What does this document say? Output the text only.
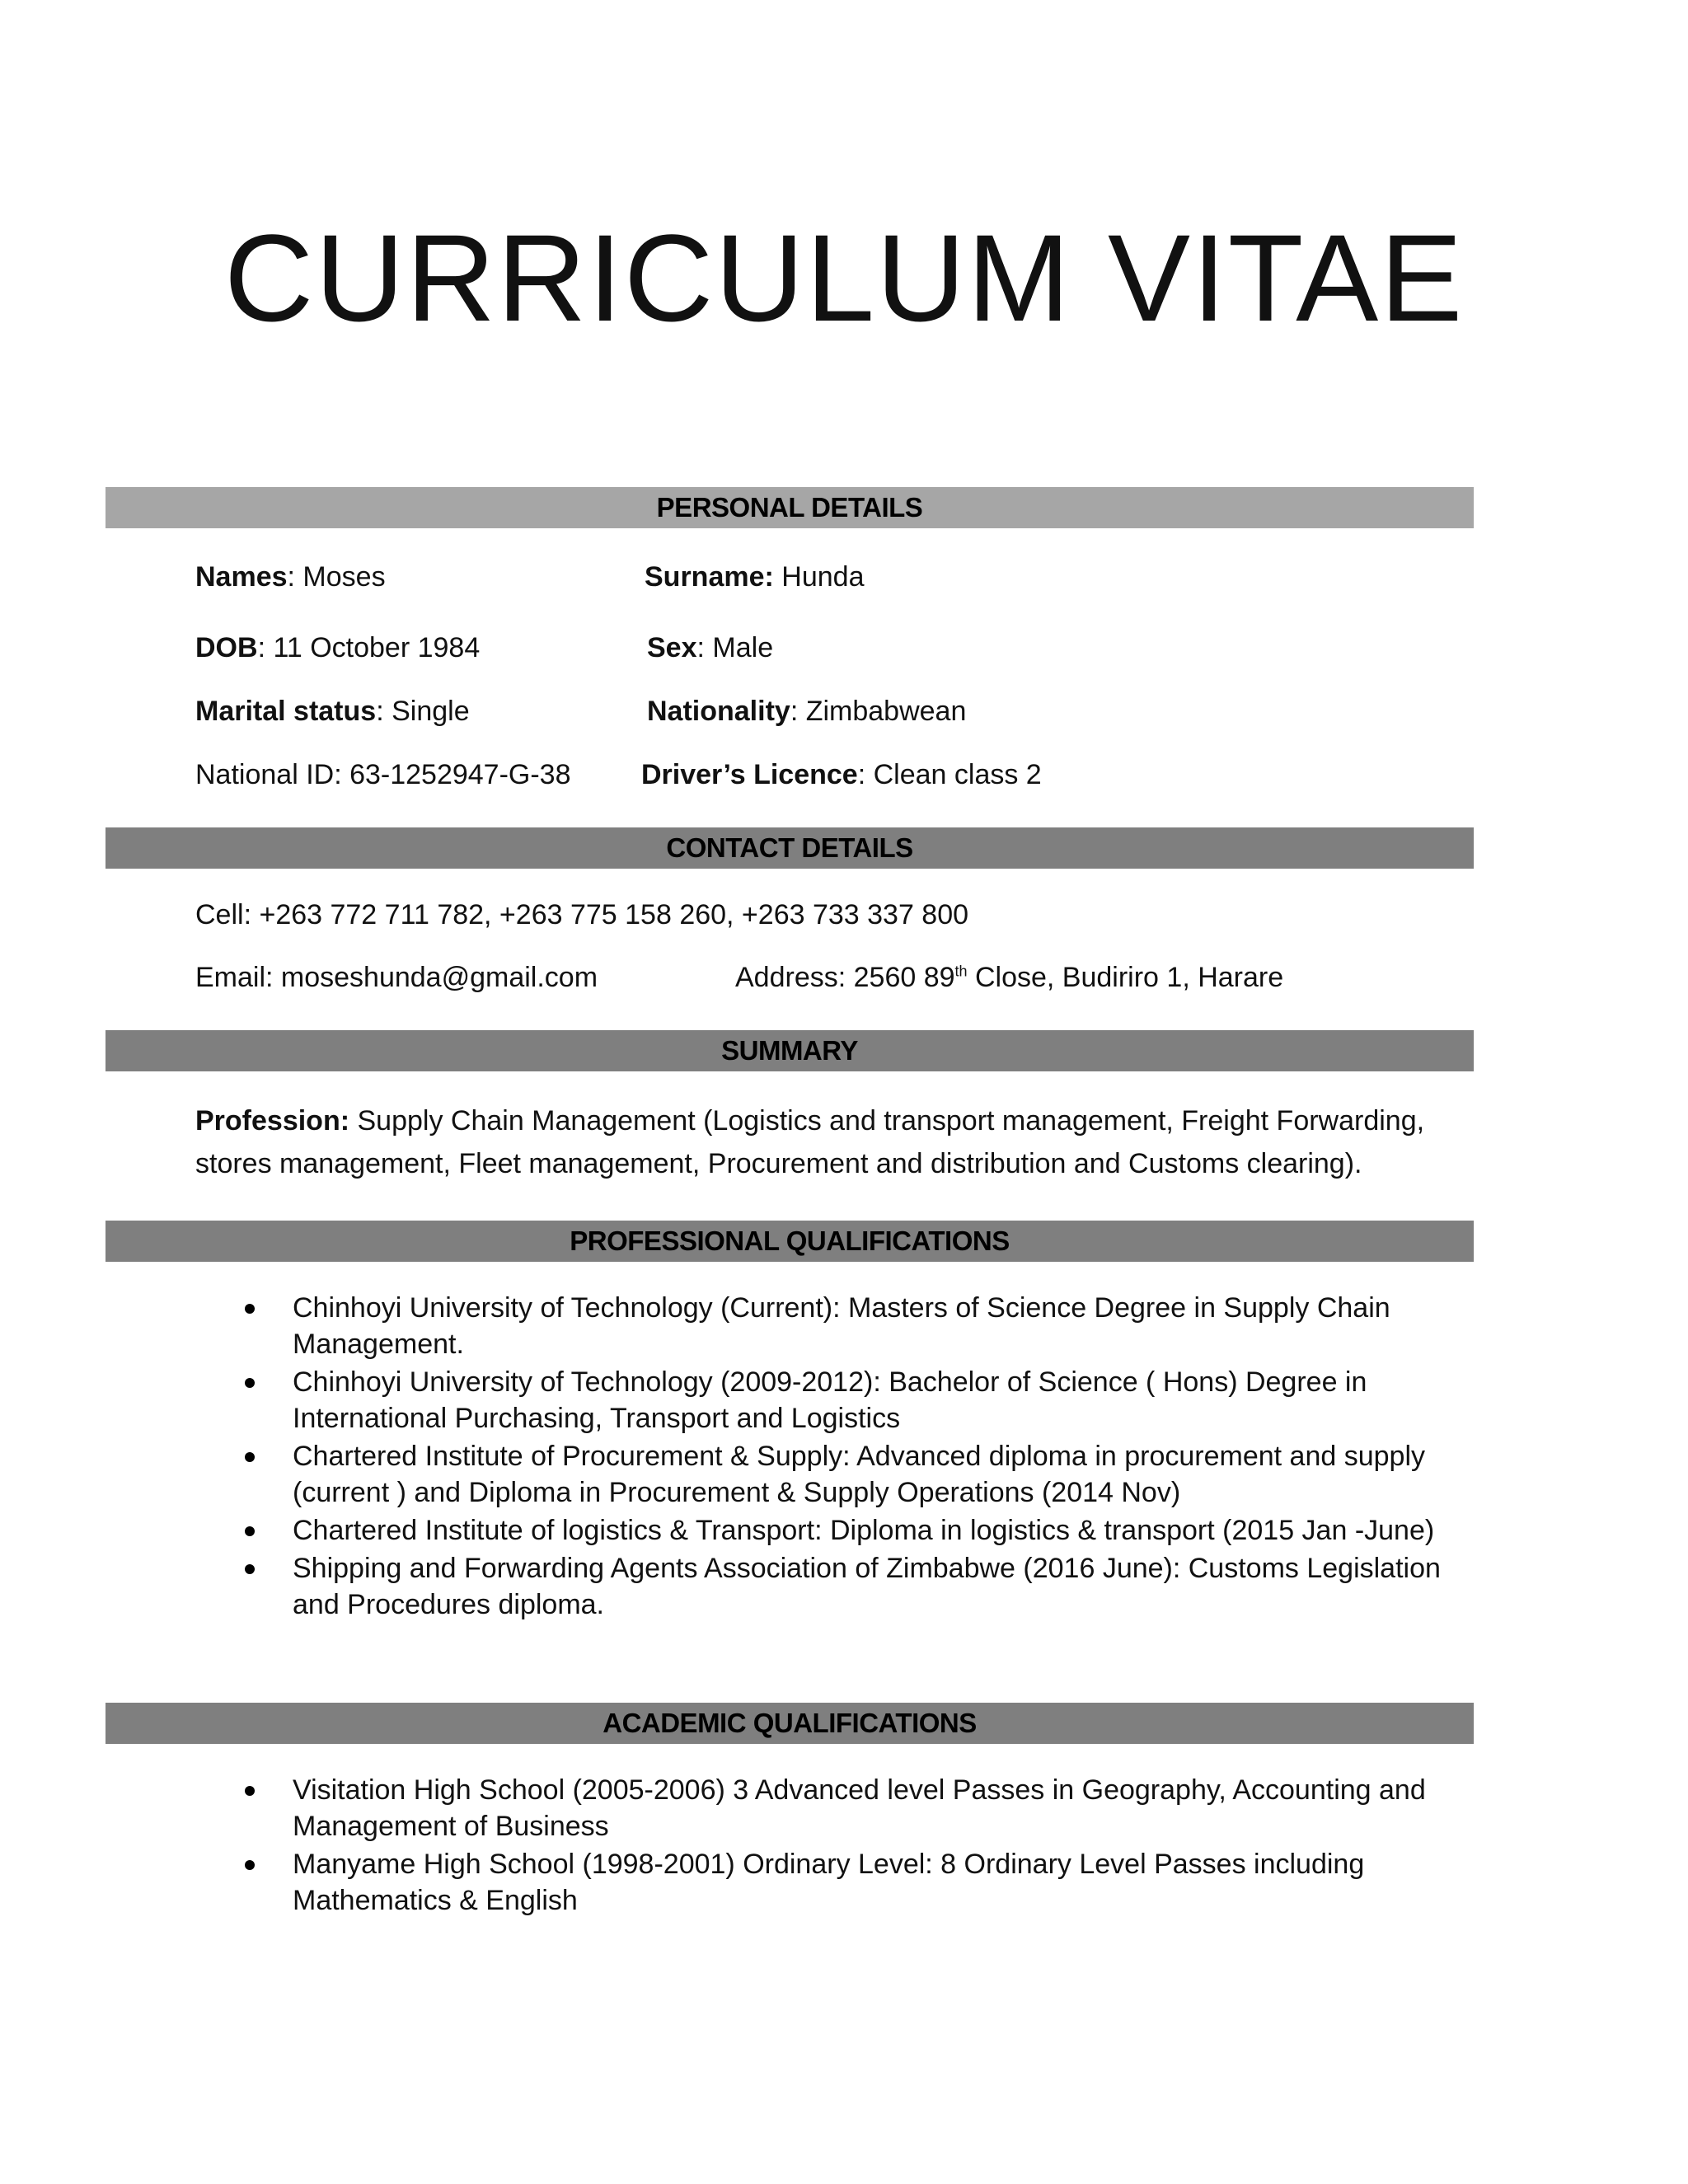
CURRICULUM VITAE
PERSONAL DETAILS
Names: Moses	Surname: Hunda
DOB: 11 October 1984	Sex: Male
Marital status: Single	Nationality: Zimbabwean
National ID: 63-1252947-G-38	Driver’s Licence: Clean class 2
CONTACT DETAILS
Cell: +263 772 711 782, +263 775 158 260, +263 733 337 800
Email: moseshunda@gmail.com	Address: 2560 89th Close, Budiriro 1, Harare
SUMMARY
Profession: Supply Chain Management (Logistics and transport management, Freight Forwarding, stores management, Fleet management, Procurement and distribution and Customs clearing).
PROFESSIONAL QUALIFICATIONS
Chinhoyi University of Technology (Current): Masters of Science Degree in Supply Chain Management.
Chinhoyi University of Technology (2009-2012): Bachelor of Science ( Hons) Degree in International Purchasing, Transport and Logistics
Chartered Institute of Procurement & Supply: Advanced diploma in procurement and supply (current ) and Diploma in Procurement & Supply Operations (2014 Nov)
Chartered Institute of logistics & Transport: Diploma in logistics & transport (2015 Jan -June)
Shipping and Forwarding Agents Association of Zimbabwe (2016 June): Customs Legislation and Procedures diploma.
ACADEMIC QUALIFICATIONS
Visitation High School (2005-2006) 3 Advanced level Passes in Geography, Accounting and Management of Business
Manyame High School (1998-2001) Ordinary Level: 8 Ordinary Level Passes including Mathematics & English
